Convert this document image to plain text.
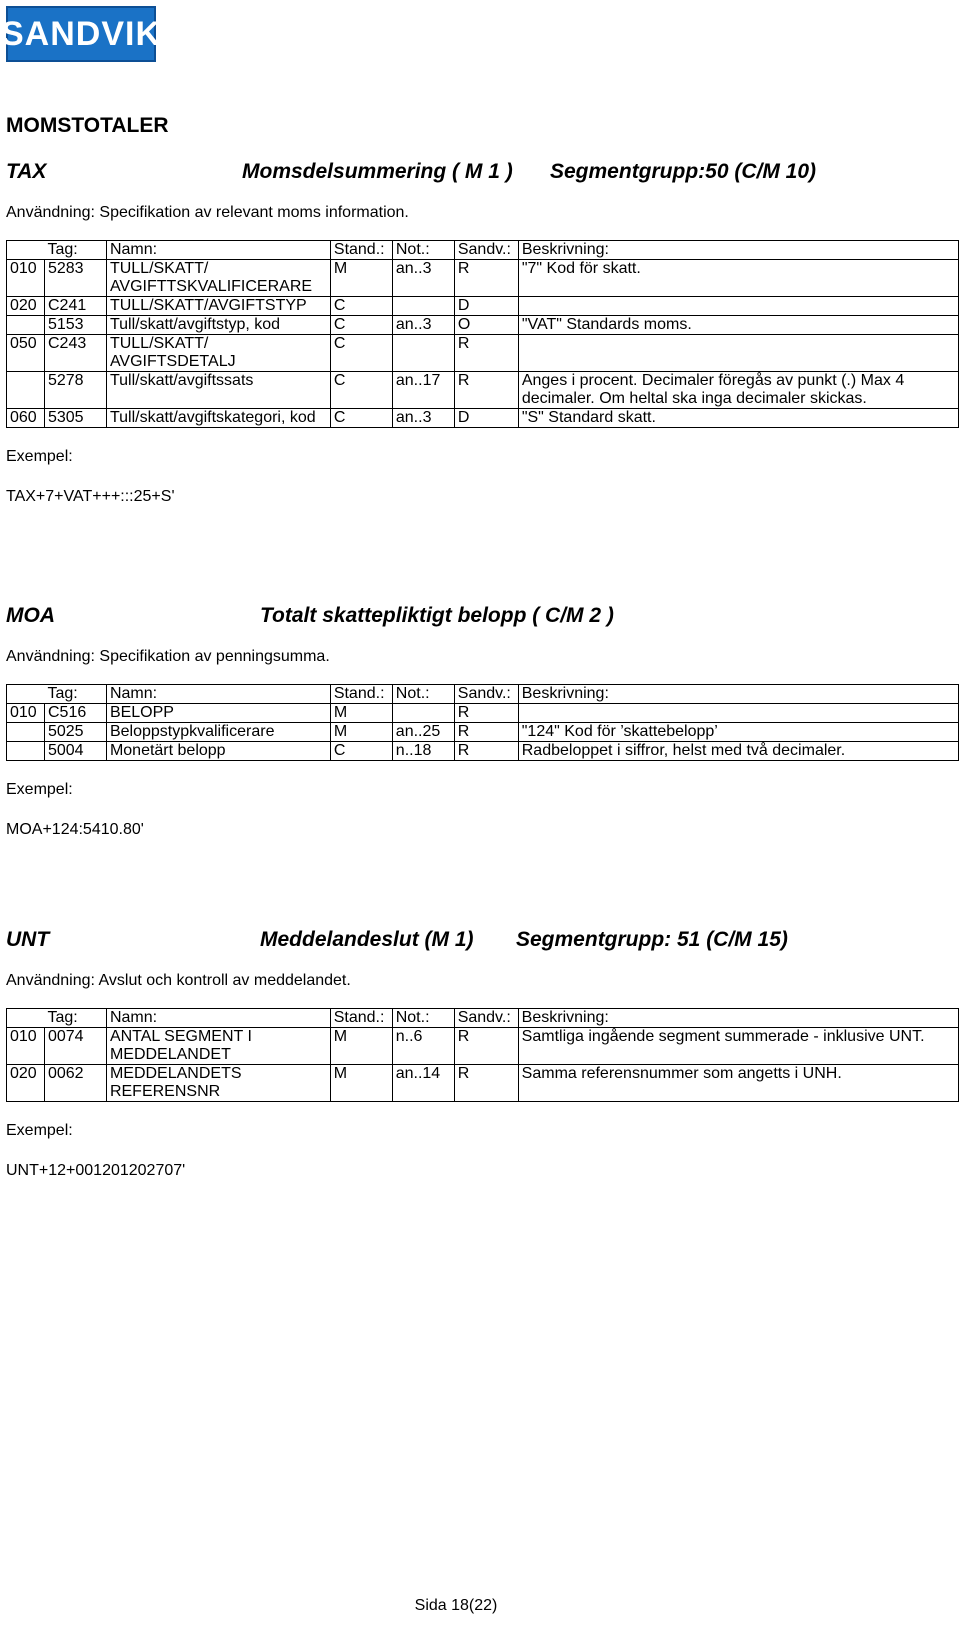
SANDVIK
MOMSTOTALER
TAX	Momsdelsummering ( M 1 ) Segmentgrupp:50 (C/M 10)
Användning: Specifikation av relevant moms information.
	Tag:	Namn:	Stand.:	Not.:	Sandv.:	Beskrivning:
010	5283	TULL/SKATT/
AVGIFTTSKVALIFICERARE	M	an..3	R	"7" Kod för skatt.
020	C241	TULL/SKATT/AVGIFTSTYP	C		D	
	5153	Tull/skatt/avgiftstyp, kod	C	an..3	O	"VAT" Standards moms.
050	C243	TULL/SKATT/
AVGIFTSDETALJ	C		R	
	5278	Tull/skatt/avgiftssats	C	an..17	R	Anges i procent. Decimaler föregås av punkt (.) Max 4 decimaler. Om heltal ska inga decimaler skickas.
060	5305	Tull/skatt/avgiftskategori, kod	C	an..3	D	"S" Standard skatt.
Exempel:
TAX+7+VAT+++:::25+S'
MOA	Totalt skattepliktigt belopp ( C/M 2 )
Användning: Specifikation av penningsumma.
	Tag:	Namn:	Stand.:	Not.:	Sandv.:	Beskrivning:
010	C516	BELOPP	M		R	
	5025	Beloppstypkvalificerare	M	an..25	R	"124" Kod för ’skattebelopp’
	5004	Monetärt belopp	C	n..18	R	Radbeloppet i siffror, helst med två decimaler.
Exempel:
MOA+124:5410.80'
UNT	Meddelandeslut (M 1) Segmentgrupp: 51 (C/M 15)
Användning: Avslut och kontroll av meddelandet.
	Tag:	Namn:	Stand.:	Not.:	Sandv.:	Beskrivning:
010	0074	ANTAL SEGMENT I
MEDDELANDET	M	n..6	R	Samtliga ingående segment summerade - inklusive UNT.
020	0062	MEDDELANDETS
REFERENSNR	M	an..14	R	Samma referensnummer som angetts i UNH.
Exempel:
UNT+12+001201202707'
Sida 18(22)
